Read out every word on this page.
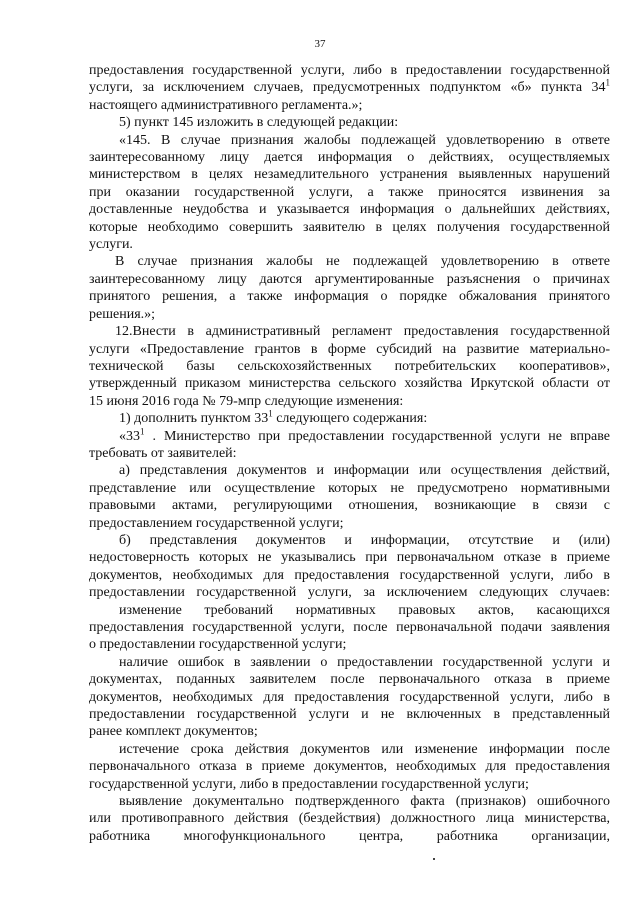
37

предоставления государственной услуги, либо в предоставлении государственной

услуги, за исключением случаев, предусмотренных подпунктом «б» пункта $34^1$

настоящего административного регламента.»;

5) пункт 145 изложить в следующей редакции:

«145. В случае признания жалобы подлежащей удовлетворению в ответе

заинтересованному лицу дается информация о действиях, осуществляемых

министерством в целях незамедлительного устранения выявленных нарушений

при оказании государственной услуги, а также приносятся извинения за

доставленные неудобства и указывается информация о дальнейших действиях,

которые необходимо совершить заявителю в целях получения государственной

услуги.

В случае признания жалобы не подлежащей удовлетворению в ответе

заинтересованному лицу даются аргументированные разъяснения о причинах

принятого решения, а также информация о порядке обжалования принятого

решения.»;

12.Внести в административный регламент предоставления государственной

услуги «Предоставление грантов в форме субсидий на развитие материально-

технической базы сельскохозяйственных потребительских кооперативов»,

утвержденный приказом министерства сельского хозяйства Иркутской области от

15 июня 2016 года № 79-мпр следующие изменения:

1) дополнить пунктом $33^1$ следующего содержания:

«$33^1$ . Министерство при предоставлении государственной услуги не вправе

требовать от заявителей:

а) представления документов и информации или осуществления действий,

представление или осуществление которых не предусмотрено нормативными

правовыми актами, регулирующими отношения, возникающие в связи с

предоставлением государственной услуги;

б) представления документов и информации, отсутствие и (или)

недостоверность которых не указывались при первоначальном отказе в приеме

документов, необходимых для предоставления государственной услуги, либо в

предоставлении государственной услуги, за исключением следующих случаев:

изменение требований нормативных правовых актов, касающихся

предоставления государственной услуги, после первоначальной подачи заявления

о предоставлении государственной услуги;

наличие ошибок в заявлении о предоставлении государственной услуги и

документах, поданных заявителем после первоначального отказа в приеме

документов, необходимых для предоставления государственной услуги, либо в

предоставлении государственной услуги и не включенных в представленный

ранее комплект документов;

истечение срока действия документов или изменение информации после

первоначального отказа в приеме документов, необходимых для предоставления

государственной услуги, либо в предоставлении государственной услуги;

выявление документально подтвержденного факта (признаков) ошибочного

или противоправного действия (бездействия) должностного лица министерства,

работника многофункционального центра, работника организации,
